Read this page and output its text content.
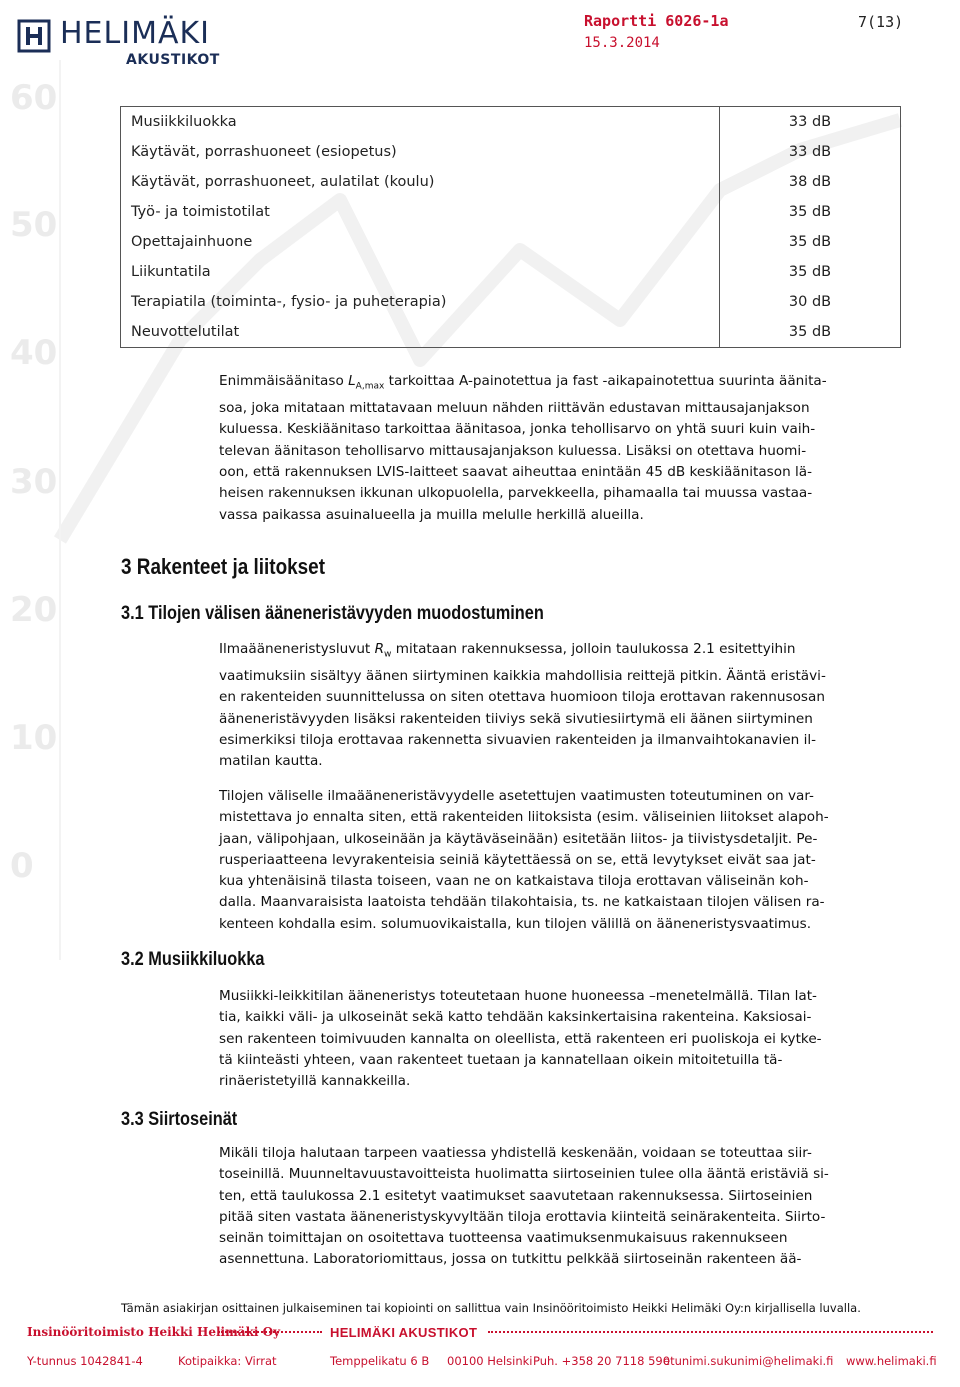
60
50
40
30
20
10
0
HELIMÄKI
AKUSTIKOT
Raportti 6026-1a
15.3.2014
7(13)
Musiikkiluokka	33 dB
Käytävät, porrashuoneet (esiopetus)	33 dB
Käytävät, porrashuoneet, aulatilat (koulu)	38 dB
Työ- ja toimistotilat	35 dB
Opettajainhuone	35 dB
Liikuntatila	35 dB
Terapiatila (toiminta-, fysio- ja puheterapia)	30 dB
Neuvottelutilat	35 dB
Enimmäisäänitaso $L_{A,max}$ tarkoittaa A-painotettua ja fast -aikapainotettua suurinta äänita-
soa, joka mitataan mittatavaan meluun nähden riittävän edustavan mittausajanjakson
kuluessa. Keskiäänitaso tarkoittaa äänitasoa, jonka tehollisarvo on yhtä suuri kuin vaih-
televan äänitason tehollisarvo mittausajanjakson kuluessa. Lisäksi on otettava huomi-
oon, että rakennuksen LVIS-laitteet saavat aiheuttaa enintään 45 dB keskiäänitason lä-
heisen rakennuksen ikkunan ulkopuolella, parvekkeella, pihamaalla tai muussa vastaa-
vassa paikassa asuinalueella ja muilla melulle herkillä alueilla.
3 Rakenteet ja liitokset
3.1 Tilojen välisen ääneneristävyyden muodostuminen
Ilmaääneneristysluvut $R_w$ mitataan rakennuksessa, jolloin taulukossa 2.1 esitettyihin
vaatimuksiin sisältyy äänen siirtyminen kaikkia mahdollisia reittejä pitkin. Ääntä eristävi-
en rakenteiden suunnittelussa on siten otettava huomioon tiloja erottavan rakennusosan
ääneneristävyyden lisäksi rakenteiden tiiviys sekä sivutiesiirtymä eli äänen siirtyminen
esimerkiksi tiloja erottavaa rakennetta sivuavien rakenteiden ja ilmanvaihtokanavien il-
matilan kautta.
Tilojen väliselle ilmaääneneristävyydelle asetettujen vaatimusten toteutuminen on var-
mistettava jo ennalta siten, että rakenteiden liitoksista (esim. väliseinien liitokset alapoh-
jaan, välipohjaan, ulkoseinään ja käytäväseinään) esitetään liitos- ja tiivistysdetaljit. Pe-
rusperiaatteena levyrakenteisia seiniä käytettäessä on se, että levytykset eivät saa jat-
kua yhtenäisinä tilasta toiseen, vaan ne on katkaistava tiloja erottavan väliseinän koh-
dalla. Maanvaraisista laatoista tehdään tilakohtaisia, ts. ne katkaistaan tilojen välisen ra-
kenteen kohdalla esim. solumuovikaistalla, kun tilojen välillä on ääneneristysvaatimus.
3.2 Musiikkiluokka
Musiikki-leikkitilan ääneneristys toteutetaan huone huoneessa –menetelmällä. Tilan lat-
tia, kaikki väli- ja ulkoseinät sekä katto tehdään kaksinkertaisina rakenteina. Kaksiosai-
sen rakenteen toimivuuden kannalta on oleellista, että rakenteen eri puoliskoja ei kytke-
tä kiinteästi yhteen, vaan rakenteet tuetaan ja kannatellaan oikein mitoitetuilla tä-
rinäeristetyillä kannakkeilla.
3.3 Siirtoseinät
Mikäli tiloja halutaan tarpeen vaatiessa yhdistellä keskenään, voidaan se toteuttaa siir-
toseinillä. Muunneltavuustavoitteista huolimatta siirtoseinien tulee olla ääntä eristäviä si-
ten, että taulukossa 2.1 esitetyt vaatimukset saavutetaan rakennuksessa. Siirtoseinien
pitää siten vastata ääneneristyskyvyltään tiloja erottavia kiinteitä seinärakenteita. Siirto-
seinän toimittajan on osoitettava tuotteensa vaatimuksenmukaisuus rakennukseen
asennettuna. Laboratoriomittaus, jossa on tutkittu pelkkää siirtoseinän rakenteen ää-
Tämän asiakirjan osittainen julkaiseminen tai kopiointi on sallittua vain Insinööritoimisto Heikki Helimäki Oy:n kirjallisella luvalla.
Insinööritoimisto Heikki Helimäki Oy	HELIMÄKI AKUSTIKOT
Y-tunnus 1042841-4	Kotipaikka: Virrat	Temppelikatu 6 B 00100 Helsinki Puh. +358 20 7118 590
etunimi.sukunimi@helimaki.fi www.helimaki.fi
